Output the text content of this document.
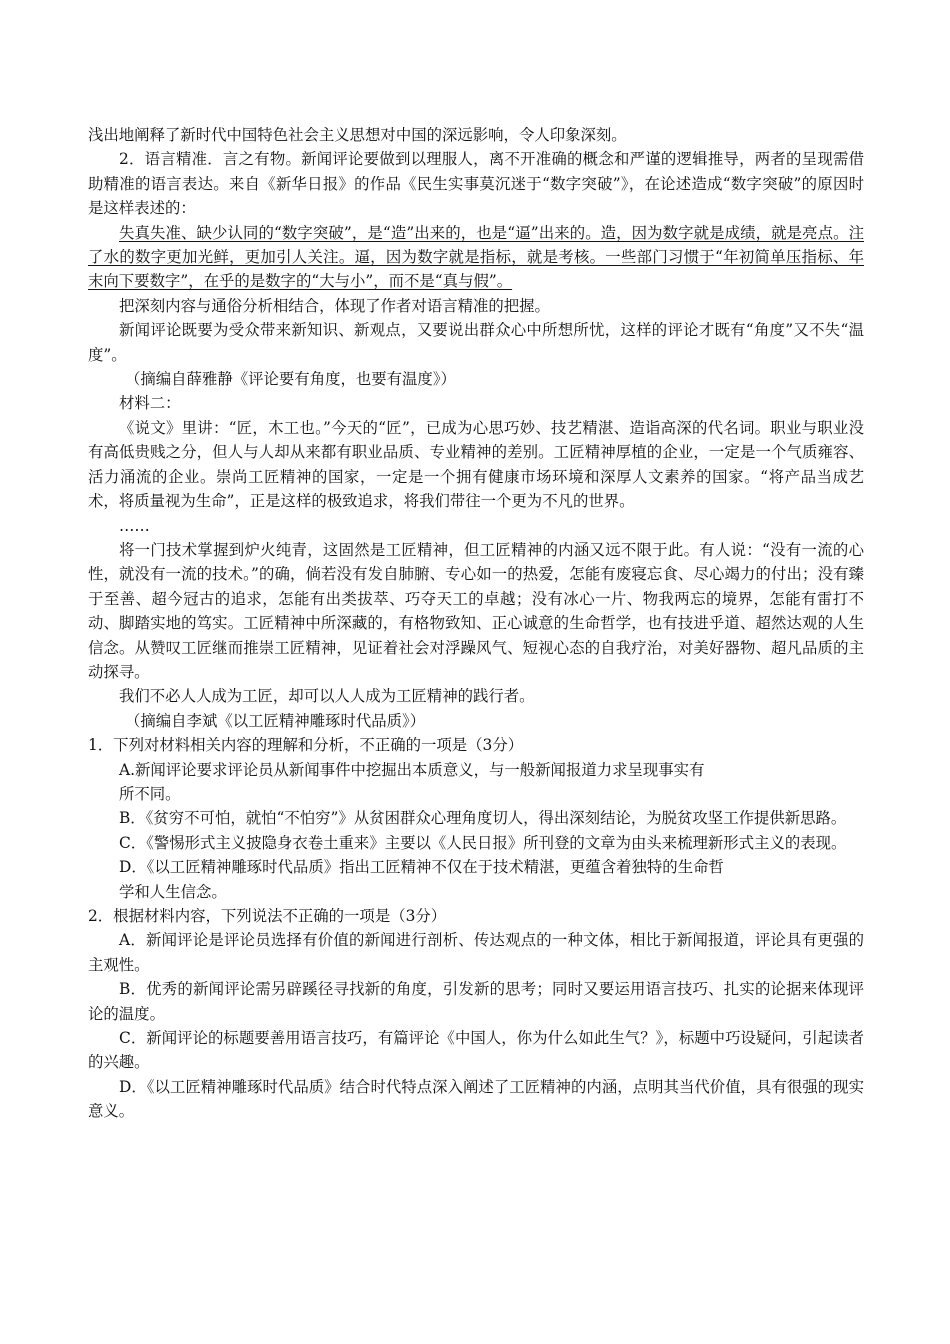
浅出地阐释了新时代中国特色社会主义思想对中国的深远影响，令人印象深刻。

2．语言精准．言之有物。新闻评论要做到以理服人，离不开准确的概念和严谨的逻辑推导，两者的呈现需借助精准的语言表达。来自《新华日报》的作品《民生实事莫沉迷于“数字突破”》，在论述造成“数字突破”的原因时是这样表述的：

失真失准、缺少认同的“数字突破”，是“造”出来的，也是“逼”出来的。造，因为数字就是成绩，就是亮点。注了水的数字更加光鲜，更加引人关注。逼，因为数字就是指标，就是考核。一些部门习惯于“年初简单压指标、年末向下要数字”，在乎的是数字的“大与小”，而不是“真与假”。

把深刻内容与通俗分析相结合，体现了作者对语言精准的把握。

新闻评论既要为受众带来新知识、新观点，又要说出群众心中所想所忧，这样的评论才既有“角度”又不失“温度”。

（摘编自薛雅静《评论要有角度，也要有温度》）

材料二：

《说文》里讲：“匠，木工也。”今天的“匠”，已成为心思巧妙、技艺精湛、造诣高深的代名词。职业与职业没有高低贵贱之分，但人与人却从来都有职业品质、专业精神的差别。工匠精神厚植的企业，一定是一个气质雍容、活力涌流的企业。崇尚工匠精神的国家，一定是一个拥有健康市场环境和深厚人文素养的国家。“将产品当成艺术，将质量视为生命”，正是这样的极致追求，将我们带往一个更为不凡的世界。

……

将一门技术掌握到炉火纯青，这固然是工匠精神，但工匠精神的内涵又远不限于此。有人说：“没有一流的心性，就没有一流的技术。”的确，倘若没有发自肺腑、专心如一的热爱，怎能有废寝忘食、尽心竭力的付出；没有臻于至善、超今冠古的追求，怎能有出类拔萃、巧夺天工的卓越；没有冰心一片、物我两忘的境界，怎能有雷打不动、脚踏实地的笃实。工匠精神中所深藏的，有格物致知、正心诚意的生命哲学，也有技进乎道、超然达观的人生信念。从赞叹工匠继而推崇工匠精神，见证着社会对浮躁风气、短视心态的自我疗治，对美好器物、超凡品质的主动探寻。

我们不必人人成为工匠，却可以人人成为工匠精神的践行者。

（摘编自李斌《以工匠精神雕琢时代品质》）

1．下列对材料相关内容的理解和分析，不正确的一项是（3分）

A.新闻评论要求评论员从新闻事件中挖掘出本质意义，与一般新闻报道力求呈现事实有

所不同。

B．《贫穷不可怕，就怕“不怕穷”》从贫困群众心理角度切人，得出深刻结论，为脱贫攻坚工作提供新思路。

C．《警惕形式主义披隐身衣卷土重来》主要以《人民日报》所刊登的文章为由头来梳理新形式主义的表现。

D．《以工匠精神雕琢时代品质》指出工匠精神不仅在于技术精湛，更蕴含着独特的生命哲

学和人生信念。

2．根据材料内容，下列说法不正确的一项是（3分）

A．新闻评论是评论员选择有价值的新闻进行剖析、传达观点的一种文体，相比于新闻报道，评论具有更强的主观性。

B．优秀的新闻评论需另辟蹊径寻找新的角度，引发新的思考；同时又要运用语言技巧、扎实的论据来体现评论的温度。

C．新闻评论的标题要善用语言技巧，有篇评论《中国人，你为什么如此生气？》，标题中巧设疑问，引起读者的兴趣。

D．《以工匠精神雕琢时代品质》结合时代特点深入阐述了工匠精神的内涵，点明其当代价值，具有很强的现实意义。
